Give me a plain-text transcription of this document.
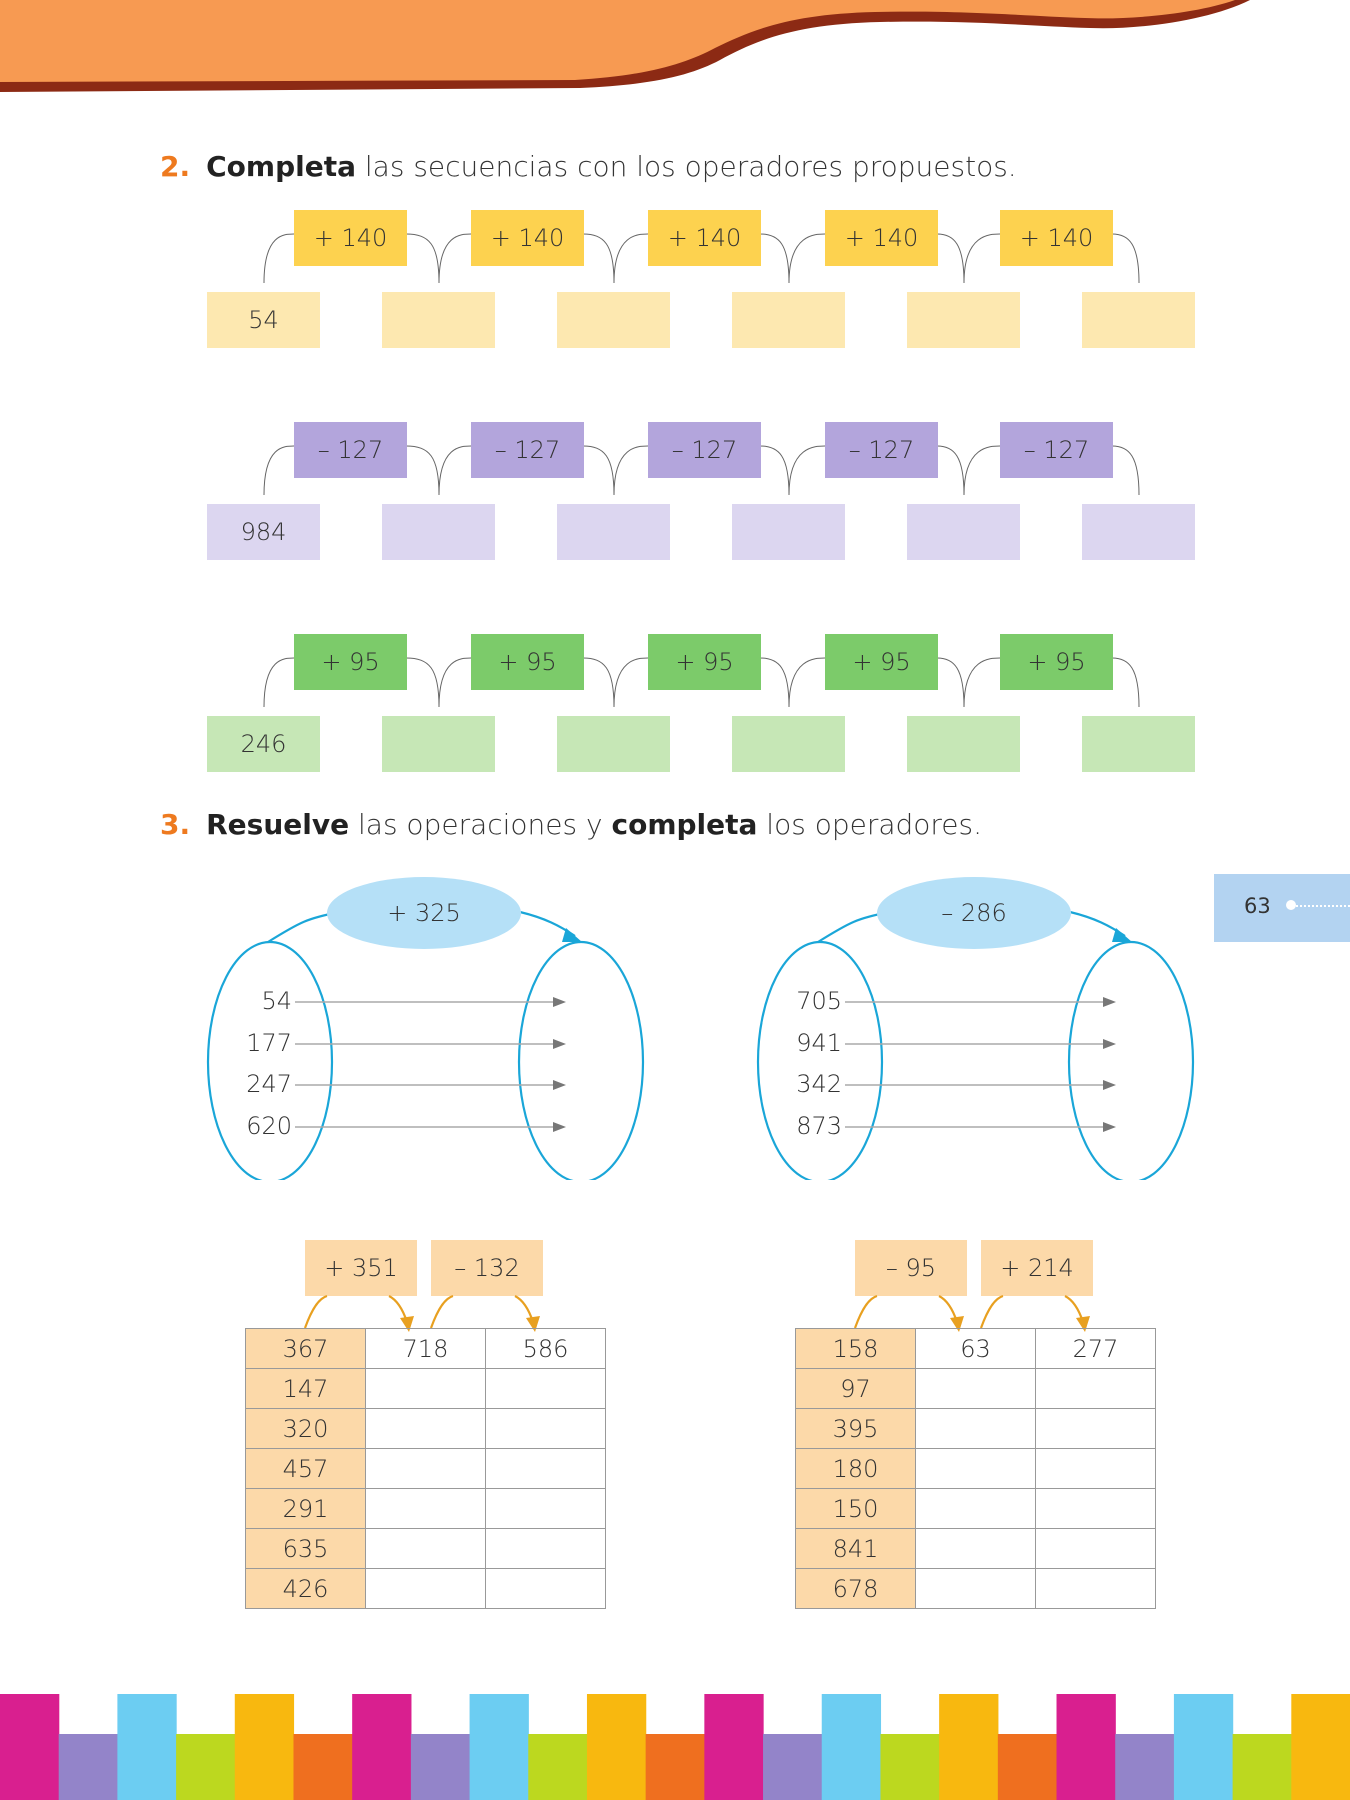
2. Completa las secuencias con los operadores propuestos.
+ 140	+ 140	+ 140	+ 140	+ 140
54
– 127	– 127	– 127	– 127	– 127
984
+ 95	+ 95	+ 95	+ 95	+ 95
246
3. Resuelve las operaciones y completa los operadores.
+ 325
54
177
247
620
– 286
705
941
342
873
+ 351	– 132
367	718	586
147		
320		
457		
291		
635		
426		
– 95	+ 214
158	63	277
97		
395		
180		
150		
841		
678		
63
